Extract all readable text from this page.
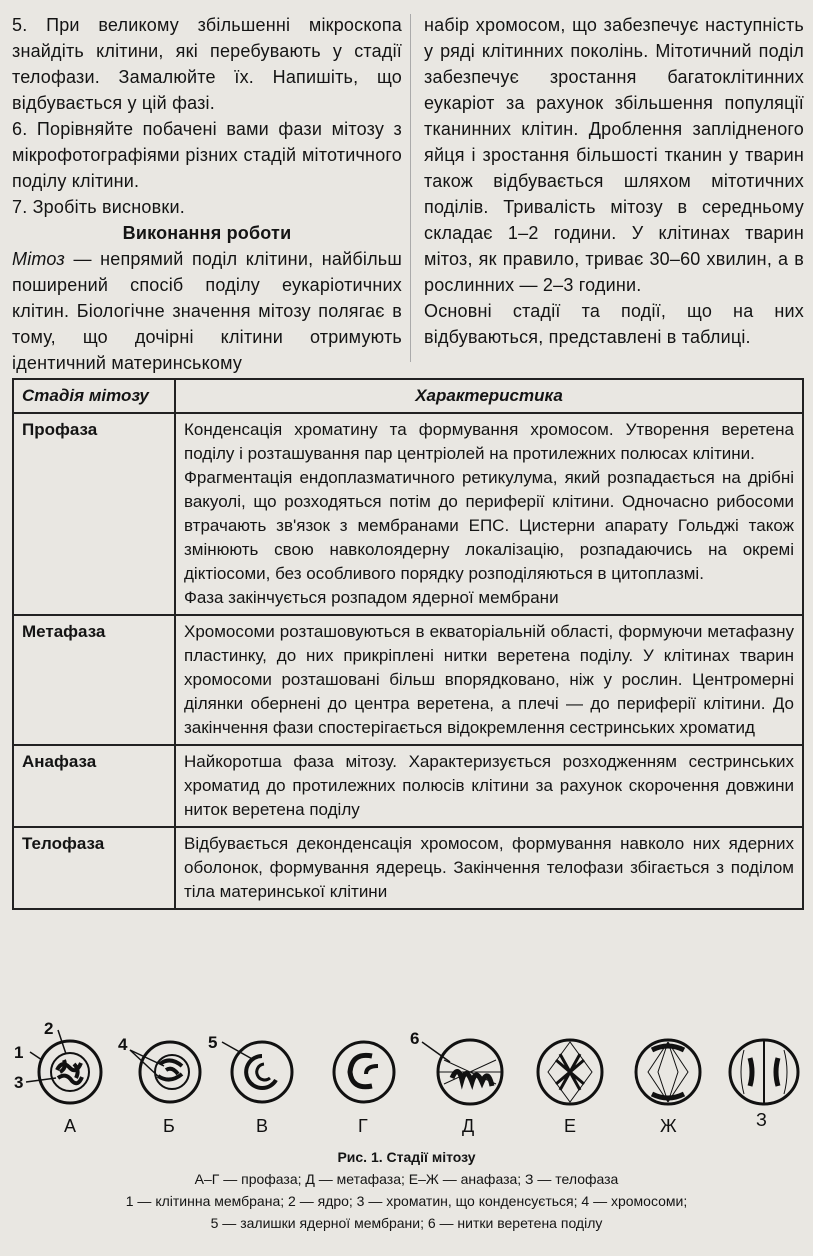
5. При великому збільшенні мікроскопа знайдіть клітини, які перебувають у стадії телофази. Замалюйте їх. Напишіть, що відбувається у цій фазі.

6. Порівняйте побачені вами фази мітозу з мікрофотографіями різних стадій мітотичного поділу клітини.

7. Зробіть висновки.

Виконання роботи

Мітоз — непрямий поділ клітини, найбільш поширений спосіб поділу еукаріотичних клітин. Біологічне значення мітозу полягає в тому, що дочірні клітини отримують ідентичний материнському

набір хромосом, що забезпечує наступність у ряді клітинних поколінь. Мітотичний поділ забезпечує зростання багатоклітинних еукаріот за рахунок збільшення популяції тканинних клітин. Дроблення заплідненого яйця і зростання більшості тканин у тварин також відбувається шляхом мітотичних поділів. Тривалість мітозу в середньому складає 1–2 години. У клітинах тварин мітоз, як правило, триває 30–60 хвилин, а в рослинних — 2–3 години.

Основні стадії та події, що на них відбуваються, представлені в таблиці.

Стадія мітозу	Характеристика
Профаза	Конденсація хроматину та формування хромосом. Утворення веретена поділу і розташування пар центріолей на протилежних полюсах клітини.
Фрагментація ендоплазматичного ретикулума, який розпадається на дрібні вакуолі, що розходяться потім до периферії клітини. Одночасно рибосоми втрачають зв'язок з мембранами ЕПС. Цистерни апарату Гольджі також змінюють свою навколоядерну локалізацію, розпадаючись на окремі діктіосоми, без особливого порядку розподіляються в цитоплазмі.
Фаза закінчується розпадом ядерної мембрани

Метафаза	Хромосоми розташовуються в екваторіальній області, формуючи метафазну пластинку, до них прикріплені нитки веретена поділу. У клітинах тварин хромосоми розташовані більш впорядковано, ніж у рослин. Центромерні ділянки обернені до центра веретена, а плечі — до периферії клітини. До закінчення фази спостерігається відокремлення сестринських хроматид

Анафаза	Найкоротша фаза мітозу. Характеризується розходженням сестринських хроматид до протилежних полюсів клітини за рахунок скорочення довжини ниток веретена поділу

Телофаза	Відбувається деконденсація хромосом, формування навколо них ядерних оболонок, формування ядерець. Закінчення телофази збігається з поділом тіла материнської клітини
1
2
3
4	5	6
А	Б	В	Г	Д	Е	Ж	З
Рис. 1. Стадії мітозу
А–Г — профаза; Д — метафаза; Е–Ж — анафаза; З — телофаза
1 — клітинна мембрана; 2 — ядро; 3 — хроматин, що конденсується; 4 — хромосоми;
5 — залишки ядерної мембрани; 6 — нитки веретена поділу
